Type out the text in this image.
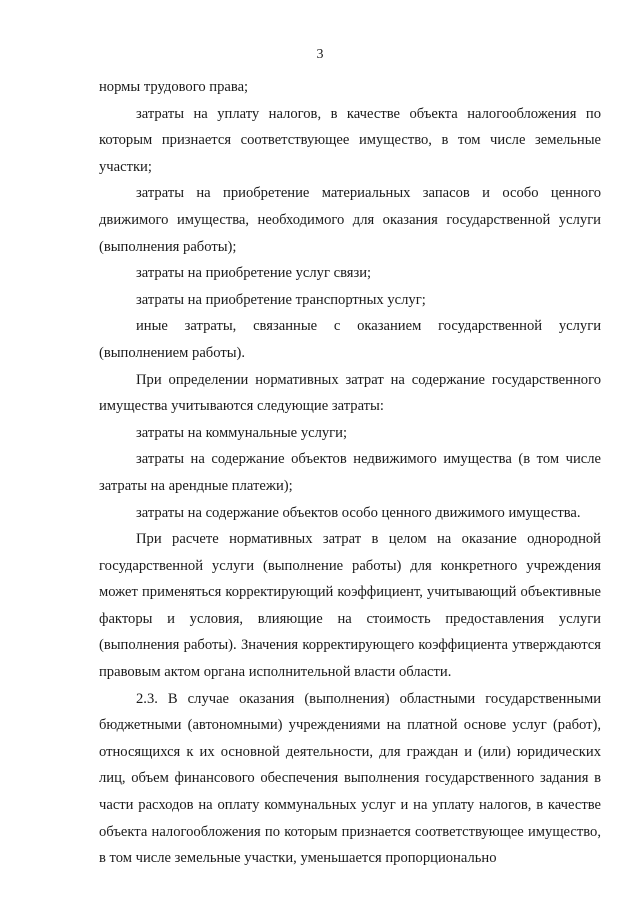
3

нормы трудового права;

затраты на уплату налогов, в качестве объекта налогообложения по которым признается соответствующее имущество, в том числе земельные участки;

затраты на приобретение материальных запасов и особо ценного движимого имущества, необходимого для оказания государственной услуги (выполнения работы);

затраты на приобретение услуг связи;

затраты на приобретение транспортных услуг;

иные затраты, связанные с оказанием государственной услуги (выполнением работы).

При определении нормативных затрат на содержание государственного имущества учитываются следующие затраты:

затраты на коммунальные услуги;

затраты на содержание объектов недвижимого имущества (в том числе затраты на арендные платежи);

затраты на содержание объектов особо ценного движимого имущества.

При расчете нормативных затрат в целом на оказание однородной государственной услуги (выполнение работы) для конкретного учреждения может применяться корректирующий коэффициент, учитывающий объективные факторы и условия, влияющие на стоимость предоставления услуги (выполнения работы). Значения корректирующего коэффициента утверждаются правовым актом органа исполнительной власти области.

2.3. В случае оказания (выполнения) областными государственными бюджетными (автономными) учреждениями на платной основе услуг (работ), относящихся к их основной деятельности, для граждан и (или) юридических лиц, объем финансового обеспечения выполнения государственного задания в части расходов на оплату коммунальных услуг и на уплату налогов, в качестве объекта налогообложения по которым признается соответствующее имущество, в том числе земельные участки, уменьшается пропорционально
